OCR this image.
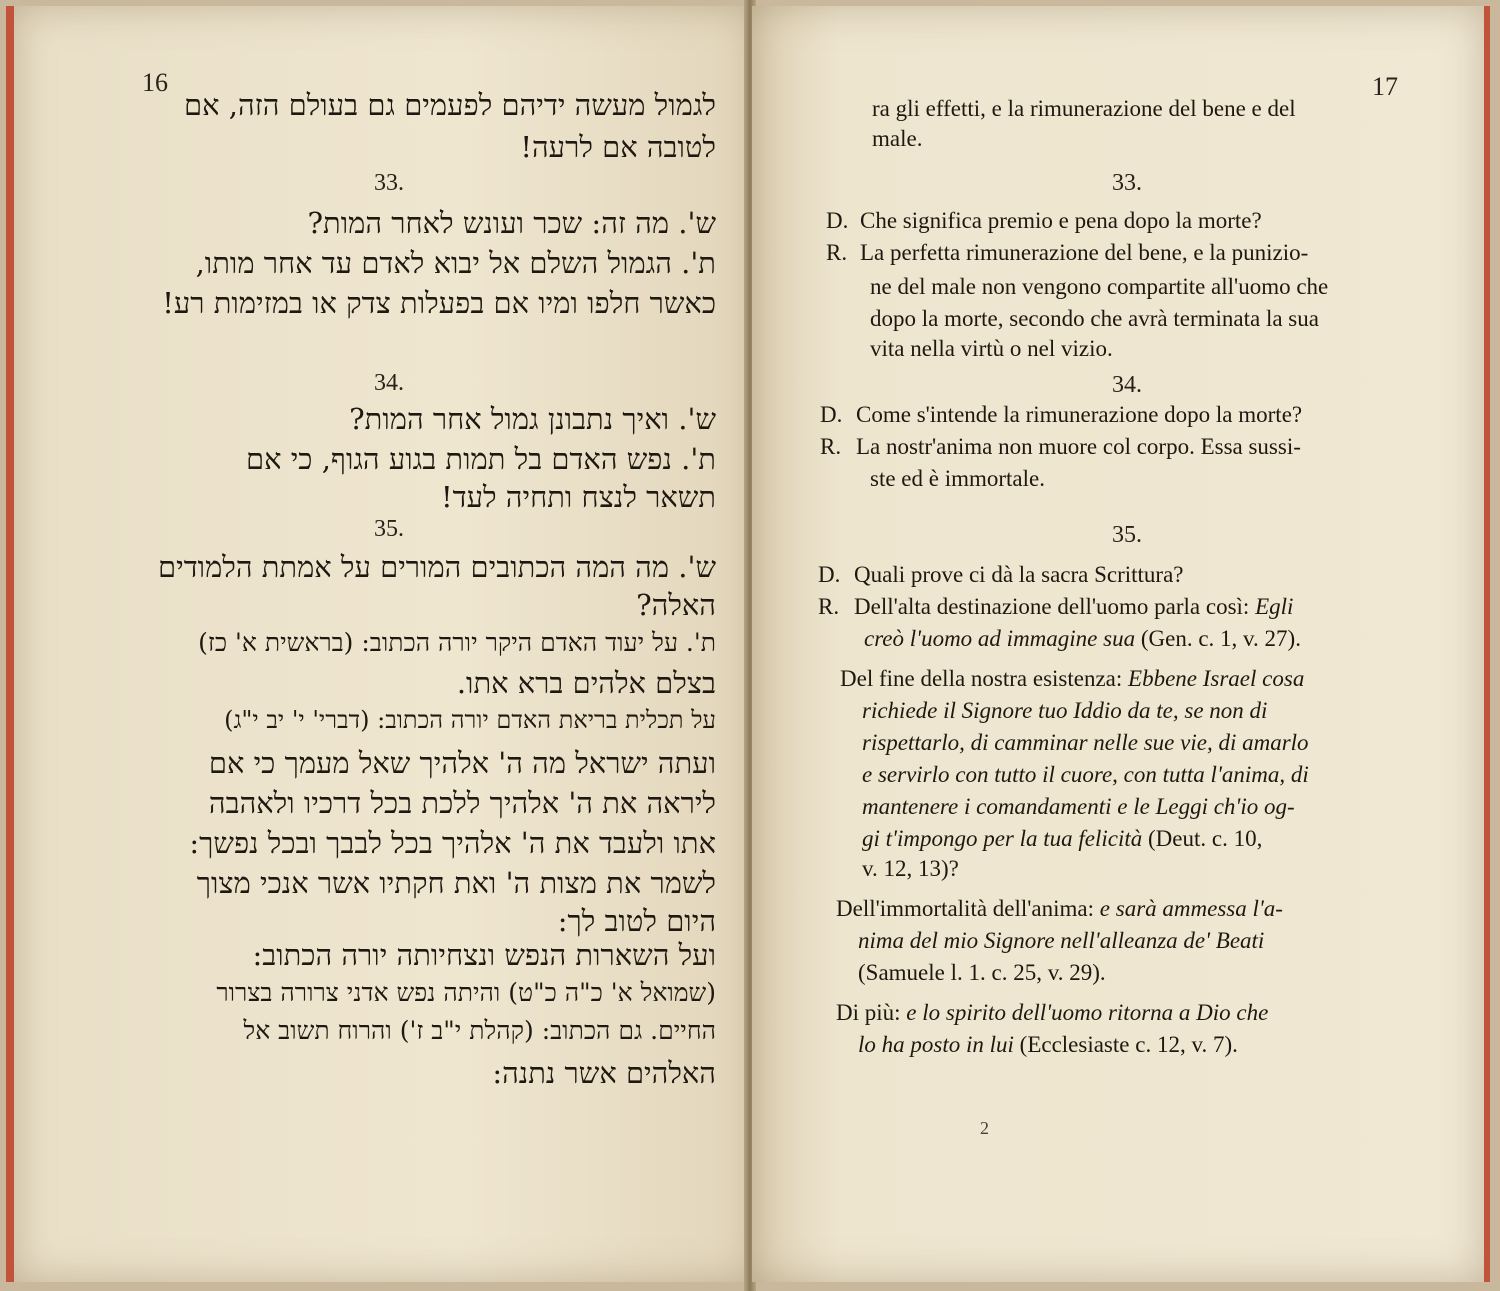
16
לגמול מעשה ידיהם לפעמים גם בעולם הזה, אם
לטובה אם לרעה!
33.
ש'. מה זה: שכר ועונש לאחר המות?
ת'. הגמול השלם אל יבוא לאדם עד אחר מותו,
כאשר חלפו ומיו אם בפעלות צדק או במזימות רע!
34.
ש'. ואיך נתבונן גמול אחר המות?
ת'. נפש האדם בל תמות בגוע הגוף, כי אם
תשאר לנצח ותחיה לעד!
35.
ש'. מה המה הכתובים המורים על אמתת הלמודים
האלה?
ת'. על יעוד האדם היקר יורה הכתוב: (בראשית א' כז)
בצלם אלהים ברא אתו.
על תכלית בריאת האדם יורה הכתוב: (דברי' י' יב י"ג)
ועתה ישראל מה ה' אלהיך שאל מעמך כי אם
ליראה את ה' אלהיך ללכת בכל דרכיו ולאהבה
אתו ולעבד את ה' אלהיך בכל לבבך ובכל נפשך:
לשמר את מצות ה' ואת חקתיו אשר אנכי מצוך
היום לטוב לך:
ועל השארות הנפש ונצחיותה יורה הכתוב:
(שמואל א' כ"ה כ"ט) והיתה נפש אדני צרורה בצרור
החיים. גם הכתוב: (קהלת י"ב ז') והרוח תשוב אל
האלהים אשר נתנה:
17
ra gli effetti, e la rimunerazione del bene e del
male.
33.
D. Che significa premio e pena dopo la morte?
R. La perfetta rimunerazione del bene, e la punizio-
ne del male non vengono compartite all'uomo che
dopo la morte, secondo che avrà terminata la sua
vita nella virtù o nel vizio.
34.
D. Come s'intende la rimunerazione dopo la morte?
R. La nostr'anima non muore col corpo. Essa sussi-
ste ed è immortale.
35.
D. Quali prove ci dà la sacra Scrittura?
R. Dell'alta destinazione dell'uomo parla così: Egli
creò l'uomo ad immagine sua (Gen. c. 1, v. 27).
Del fine della nostra esistenza: Ebbene Israel cosa
richiede il Signore tuo Iddio da te, se non di
rispettarlo, di camminar nelle sue vie, di amarlo
e servirlo con tutto il cuore, con tutta l'anima, di
mantenere i comandamenti e le Leggi ch'io og-
gi t'impongo per la tua felicità (Deut. c. 10,
v. 12, 13)?
Dell'immortalità dell'anima: e sarà ammessa l'a-
nima del mio Signore nell'alleanza de' Beati
(Samuele l. 1. c. 25, v. 29).
Di più: e lo spirito dell'uomo ritorna a Dio che
lo ha posto in lui (Ecclesiaste c. 12, v. 7).
2
